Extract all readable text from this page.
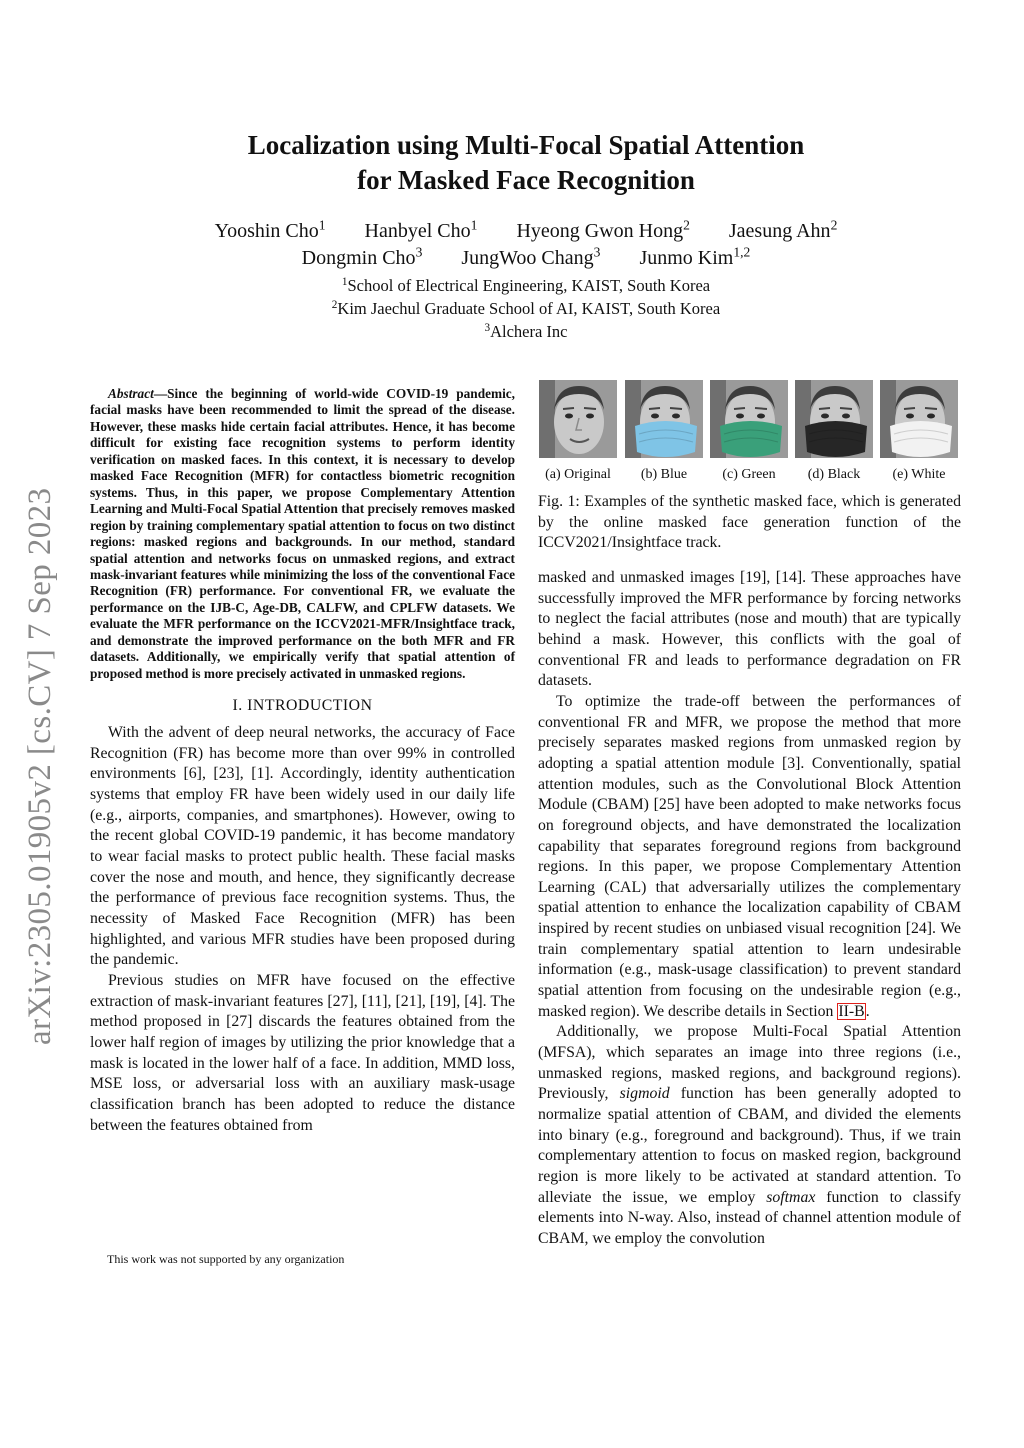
arXiv:2305.01905v2 [cs.CV] 7 Sep 2023
Localization using Multi-Focal Spatial Attention
for Masked Face Recognition
Yooshin Cho$^1$ Hanbyel Cho$^1$ Hyeong Gwon Hong$^2$ Jaesung Ahn$^2$
Dongmin Cho$^3$ JungWoo Chang$^3$ Junmo Kim$^{1,2}$
$^1$School of Electrical Engineering, KAIST, South Korea
$^2$Kim Jaechul Graduate School of AI, KAIST, South Korea
$^3$Alchera Inc

Abstract—Since the beginning of world-wide COVID-19 pandemic, facial masks have been recommended to limit the spread of the disease. However, these masks hide certain facial attributes. Hence, it has become difficult for existing face recognition systems to perform identity verification on masked faces. In this context, it is necessary to develop masked Face Recognition (MFR) for contactless biometric recognition systems. Thus, in this paper, we propose Complementary Attention Learning and Multi-Focal Spatial Attention that precisely removes masked region by training complementary spatial attention to focus on two distinct regions: masked regions and backgrounds. In our method, standard spatial attention and networks focus on unmasked regions, and extract mask-invariant features while minimizing the loss of the conventional Face Recognition (FR) performance. For conventional FR, we evaluate the performance on the IJB-C, Age-DB, CALFW, and CPLFW datasets. We evaluate the MFR performance on the ICCV2021-MFR/Insightface track, and demonstrate the improved performance on the both MFR and FR datasets. Additionally, we empirically verify that spatial attention of proposed method is more precisely activated in unmasked regions.

I. INTRODUCTION

With the advent of deep neural networks, the accuracy of Face Recognition (FR) has become more than over 99% in controlled environments [6], [23], [1]. Accordingly, identity authentication systems that employ FR have been widely used in our daily life (e.g., airports, companies, and smartphones). However, owing to the recent global COVID-19 pandemic, it has become mandatory to wear facial masks to protect public health. These facial masks cover the nose and mouth, and hence, they significantly decrease the performance of previous face recognition systems. Thus, the necessity of Masked Face Recognition (MFR) has been highlighted, and various MFR studies have been proposed during the pandemic.

Previous studies on MFR have focused on the effective extraction of mask-invariant features [27], [11], [21], [19], [4]. The method proposed in [27] discards the features obtained from the lower half region of images by utilizing the prior knowledge that a mask is located in the lower half of a face. In addition, MMD loss, MSE loss, or adversarial loss with an auxiliary mask-usage classification branch has been adopted to reduce the distance between the features obtained from

This work was not supported by any organization
(a) Original	(b) Blue	(c) Green	(d) Black	(e) White

Fig. 1: Examples of the synthetic masked face, which is generated by the online masked face generation function of the ICCV2021/Insightface track.

masked and unmasked images [19], [14]. These approaches have successfully improved the MFR performance by forcing networks to neglect the facial attributes (nose and mouth) that are typically behind a mask. However, this conflicts with the goal of conventional FR and leads to performance degradation on FR datasets.

To optimize the trade-off between the performances of conventional FR and MFR, we propose the method that more precisely separates masked regions from unmasked region by adopting a spatial attention module [3]. Conventionally, spatial attention modules, such as the Convolutional Block Attention Module (CBAM) [25] have been adopted to make networks focus on foreground objects, and have demonstrated the localization capability that separates foreground regions from background regions. In this paper, we propose Complementary Attention Learning (CAL) that adversarially utilizes the complementary spatial attention to enhance the localization capability of CBAM inspired by recent studies on unbiased visual recognition [24]. We train complementary spatial attention to learn undesirable information (e.g., mask-usage classification) to prevent standard spatial attention from focusing on the undesirable region (e.g., masked region). We describe details in Section II-B.

Additionally, we propose Multi-Focal Spatial Attention (MFSA), which separates an image into three regions (i.e., unmasked regions, masked regions, and background regions). Previously, sigmoid function has been generally adopted to normalize spatial attention of CBAM, and divided the elements into binary (e.g., foreground and background). Thus, if we train complementary attention to focus on masked region, background region is more likely to be activated at standard attention. To alleviate the issue, we employ softmax function to classify elements into N-way. Also, instead of channel attention module of CBAM, we employ the convolution
